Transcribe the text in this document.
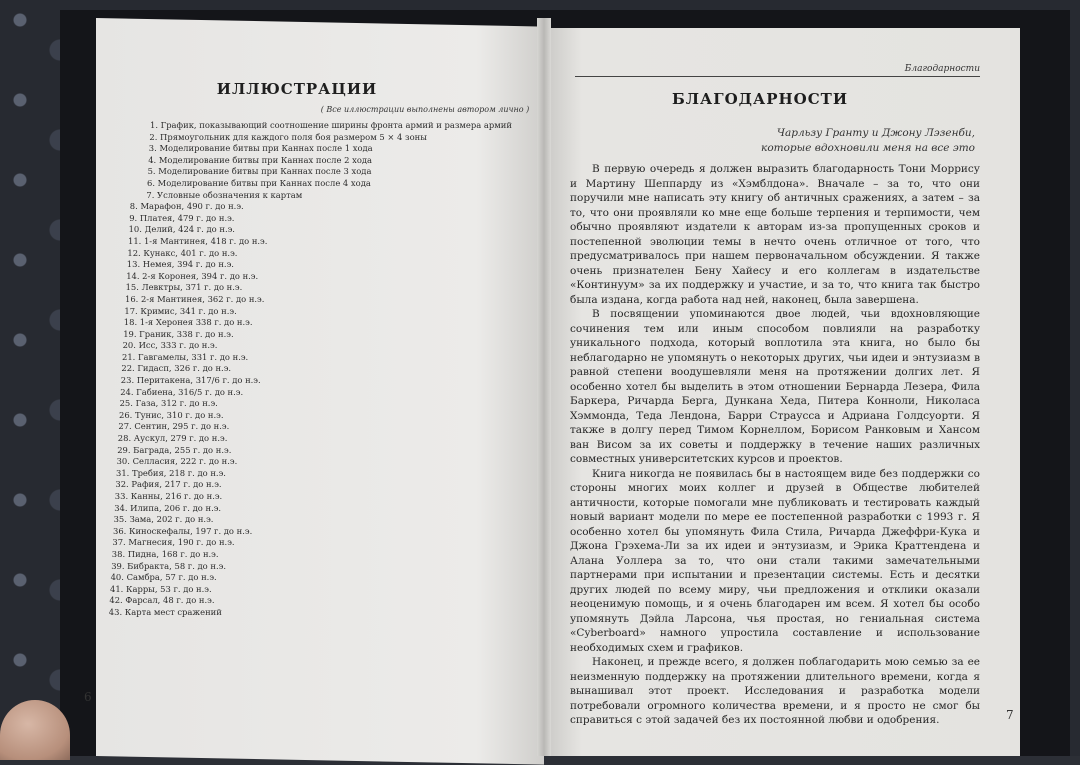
ИЛЛЮСТРАЦИИ
( Все иллюстрации выполнены автором лично )
1. График, показывающий соотношение ширины фронта армий и размера армий
2. Прямоугольник для каждого поля боя размером 5 × 4 зоны
3. Моделирование битвы при Каннах после 1 хода
4. Моделирование битвы при Каннах после 2 хода
5. Моделирование битвы при Каннах после 3 хода
6. Моделирование битвы при Каннах после 4 хода
7. Условные обозначения к картам
8. Марафон, 490 г. до н.э.
9. Платея, 479 г. до н.э.
10. Делий, 424 г. до н.э.
11. 1-я Мантинея, 418 г. до н.э.
12. Кунакс, 401 г. до н.э.
13. Немея, 394 г. до н.э.
14. 2-я Коронея, 394 г. до н.э.
15. Левктры, 371 г. до н.э.
16. 2-я Мантинея, 362 г. до н.э.
17. Кримис, 341 г. до н.э.
18. 1-я Херонея 338 г. до н.э.
19. Граник, 338 г. до н.э.
20. Исс, 333 г. до н.э.
21. Гавгамелы, 331 г. до н.э.
22. Гидасп, 326 г. до н.э.
23. Перитакена, 317/6 г. до н.э.
24. Габиена, 316/5 г. до н.э.
25. Газа, 312 г. до н.э.
26. Тунис, 310 г. до н.э.
27. Сентин, 295 г. до н.э.
28. Аускул, 279 г. до н.э.
29. Баграда, 255 г. до н.э.
30. Селласия, 222 г. до н.э.
31. Требия, 218 г. до н.э.
32. Рафия, 217 г. до н.э.
33. Канны, 216 г. до н.э.
34. Илипа, 206 г. до н.э.
35. Зама, 202 г. до н.э.
36. Киноскефалы, 197 г. до н.э.
37. Магнесия, 190 г. до н.э.
38. Пидна, 168 г. до н.э.
39. Бибракта, 58 г. до н.э.
40. Самбра, 57 г. до н.э.
41. Карры, 53 г. до н.э.
42. Фарсал, 48 г. до н.э.
43. Карта мест сражений
6
Благодарности
БЛАГОДАРНОСТИ
Чарльзу Гранту и Джону Лэзенби,
которые вдохновили меня на все это

В первую очередь я должен выразить благодарность Тони Моррису и Мартину Шеппарду из «Хэмблдона». Вначале – за то, что они поручили мне написать эту книгу об античных сражениях, а затем – за то, что они проявляли ко мне еще больше терпения и терпимости, чем обычно проявляют издатели к авторам из-за пропущенных сроков и постепенной эволюции темы в нечто очень отличное от того, что предусматривалось при нашем первоначальном обсуждении. Я также очень признателен Бену Хайесу и его коллегам в издательстве «Континуум» за их поддержку и участие, и за то, что книга так быстро была издана, когда работа над ней, наконец, была завершена.

В посвящении упоминаются двое людей, чьи вдохновляющие сочинения тем или иным способом повлияли на разработку уникального подхода, который воплотила эта книга, но было бы неблагодарно не упомянуть о некоторых других, чьи идеи и энтузиазм в равной степени воодушевляли меня на протяжении долгих лет. Я особенно хотел бы выделить в этом отношении Бернарда Лезера, Фила Баркера, Ричарда Берга, Дункана Хеда, Питера Конноли, Николаса Хэммонда, Теда Лендона, Барри Страусса и Адриана Голдсуорти. Я также в долгу перед Тимом Корнеллом, Борисом Ранковым и Хансом ван Висом за их советы и поддержку в течение наших различных совместных университетских курсов и проектов.

Книга никогда не появилась бы в настоящем виде без поддержки со стороны многих моих коллег и друзей в Обществе любителей античности, которые помогали мне публиковать и тестировать каждый новый вариант модели по мере ее постепенной разработки с 1993 г. Я особенно хотел бы упомянуть Фила Стила, Ричарда Джеффри-Кука и Джона Грэхема-Ли за их идеи и энтузиазм, и Эрика Краттендена и Алана Уоллера за то, что они стали такими замечательными партнерами при испытании и презентации системы. Есть и десятки других людей по всему миру, чьи предложения и отклики оказали неоценимую помощь, и я очень благодарен им всем. Я хотел бы особо упомянуть Дэйла Ларсона, чья простая, но гениальная система «Cyberboard» намного упростила составление и использование необходимых схем и графиков.

Наконец, и прежде всего, я должен поблагодарить мою семью за ее неизменную поддержку на протяжении длительного времени, когда я вынашивал этот проект. Исследования и разработка модели потребовали огромного количества времени, и я просто не смог бы справиться с этой задачей без их постоянной любви и одобрения.	7
